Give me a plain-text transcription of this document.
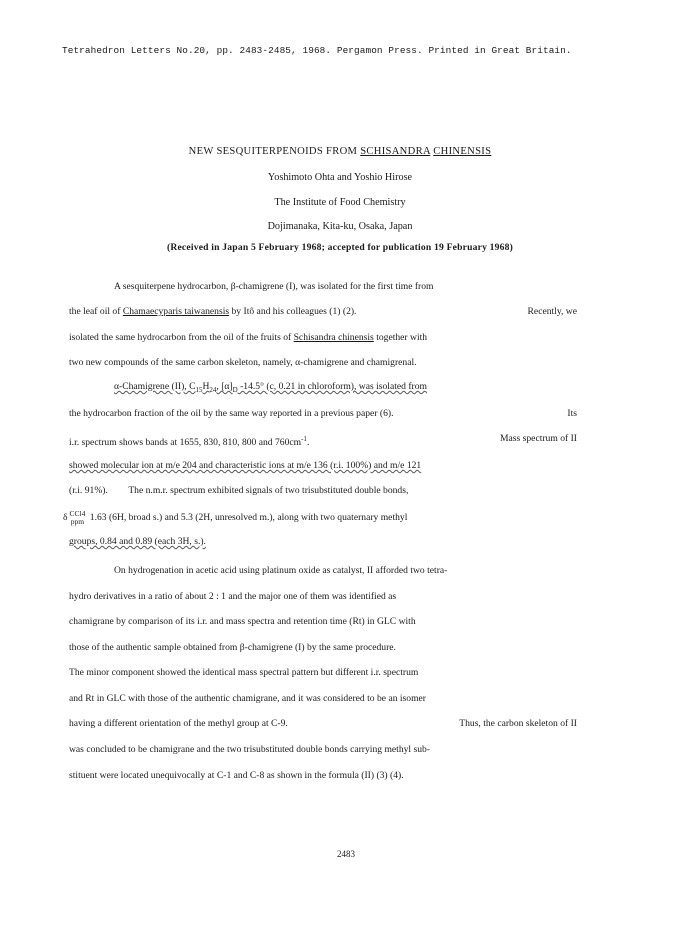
Tetrahedron Letters No.20, pp. 2483-2485, 1968. Pergamon Press. Printed in Great Britain.
NEW SESQUITERPENOIDS FROM SCHISANDRA CHINENSIS
Yoshimoto Ohta and Yoshio Hirose
The Institute of Food Chemistry
Dojimanaka, Kita-ku, Osaka, Japan
(Received in Japan 5 February 1968; accepted for publication 19 February 1968)
A sesquiterpene hydrocarbon, β-chamigrene (I), was isolated for the first time from
the leaf oil of Chamaecyparis taiwanensis by Itô and his colleagues (1) (2).	Recently, we
isolated the same hydrocarbon from the oil of the fruits of Schisandra chinensis together with
two new compounds of the same carbon skeleton, namely, α-chamigrene and chamigrenal.
α-Chamigrene (II), $C_{15}H_{24}$, $[\alpha]_D$ -14.5° (c, 0.21 in chloroform), was isolated from
the hydrocarbon fraction of the oil by the same way reported in a previous paper (6).	Its
i.r. spectrum shows bands at 1655, 830, 810, 800 and $760cm^{-1}$.	Mass spectrum of II
showed molecular ion at m/e 204 and characteristic ions at m/e 136 (r.i. 100%) and m/e 121
(r.i. 91%). The n.m.r. spectrum exhibited signals of two trisubstituted double bonds,
δ CCl4
ppm 1.63 (6H, broad s.) and 5.3 (2H, unresolved m.), along with two quaternary methyl
groups, 0.84 and 0.89 (each 3H, s.).
On hydrogenation in acetic acid using platinum oxide as catalyst, II afforded two tetra-
hydro derivatives in a ratio of about 2 : 1 and the major one of them was identified as
chamigrane by comparison of its i.r. and mass spectra and retention time (Rt) in GLC with
those of the authentic sample obtained from β-chamigrene (I) by the same procedure.
The minor component showed the identical mass spectral pattern but different i.r. spectrum
and Rt in GLC with those of the authentic chamigrane, and it was considered to be an isomer
having a different orientation of the methyl group at C-9.	Thus, the carbon skeleton of II
was concluded to be chamigrane and the two trisubstituted double bonds carrying methyl sub-
stituent were located unequivocally at C-1 and C-8 as shown in the formula (II) (3) (4).
2483
